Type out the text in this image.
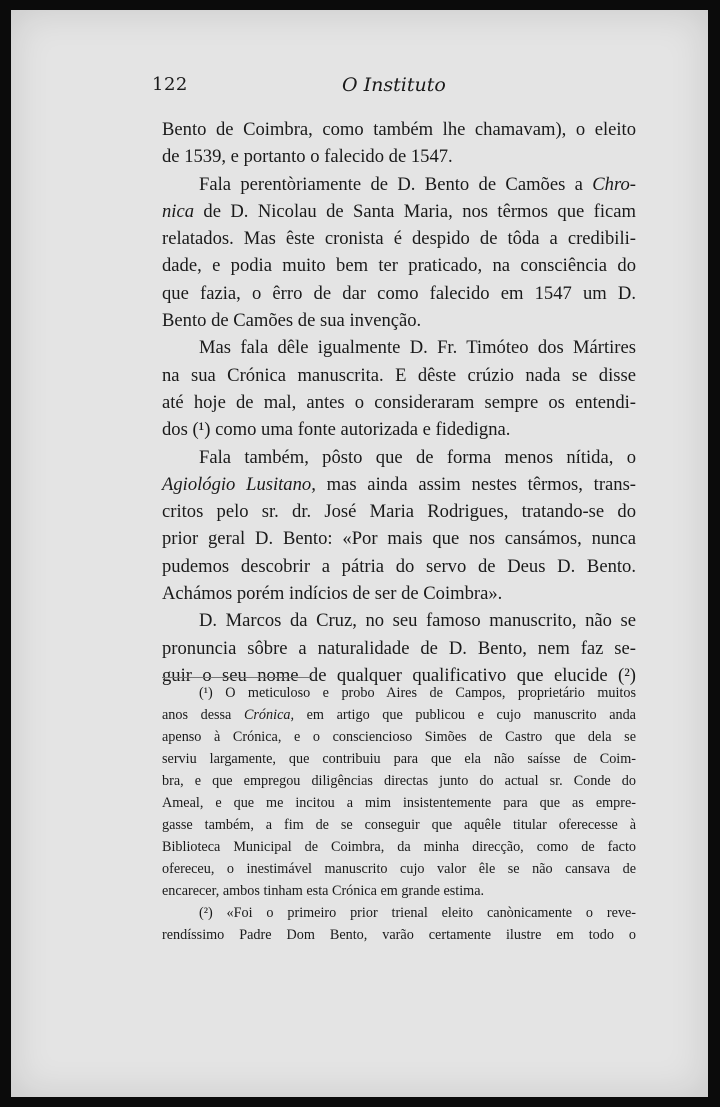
122	O Instituto
Bento de Coimbra, como também lhe chamavam), o eleito
de 1539, e portanto o falecido de 1547.
Fala perentòriamente de D. Bento de Camões a Chro-
nica de D. Nicolau de Santa Maria, nos têrmos que ficam
relatados. Mas êste cronista é despido de tôda a credibili-
dade, e podia muito bem ter praticado, na consciência do
que fazia, o êrro de dar como falecido em 1547 um D.
Bento de Camões de sua invenção.
Mas fala dêle igualmente D. Fr. Timóteo dos Mártires
na sua Crónica manuscrita. E dêste crúzio nada se disse
até hoje de mal, antes o consideraram sempre os entendi-
dos (¹) como uma fonte autorizada e fidedigna.
Fala também, pôsto que de forma menos nítida, o
Agiológio Lusitano, mas ainda assim nestes têrmos, trans-
critos pelo sr. dr. José Maria Rodrigues, tratando-se do
prior geral D. Bento: «Por mais que nos cansámos, nunca
pudemos descobrir a pátria do servo de Deus D. Bento.
Achámos porém indícios de ser de Coimbra».
D. Marcos da Cruz, no seu famoso manuscrito, não se
pronuncia sôbre a naturalidade de D. Bento, nem faz se-
guir o seu nome de qualquer qualificativo que elucide (²)
(¹) O meticuloso e probo Aires de Campos, proprietário muitos
anos dessa Crónica, em artigo que publicou e cujo manuscrito anda
apenso à Crónica, e o consciencioso Simões de Castro que dela se
serviu largamente, que contribuiu para que ela não saísse de Coim-
bra, e que empregou diligências directas junto do actual sr. Conde do
Ameal, e que me incitou a mim insistentemente para que as empre-
gasse também, a fim de se conseguir que aquêle titular oferecesse à
Biblioteca Municipal de Coimbra, da minha direcção, como de facto
ofereceu, o inestimável manuscrito cujo valor êle se não cansava de
encarecer, ambos tinham esta Crónica em grande estima.
(²) «Foi o primeiro prior trienal eleito canònicamente o reve-
rendíssimo Padre Dom Bento, varão certamente ilustre em todo o
